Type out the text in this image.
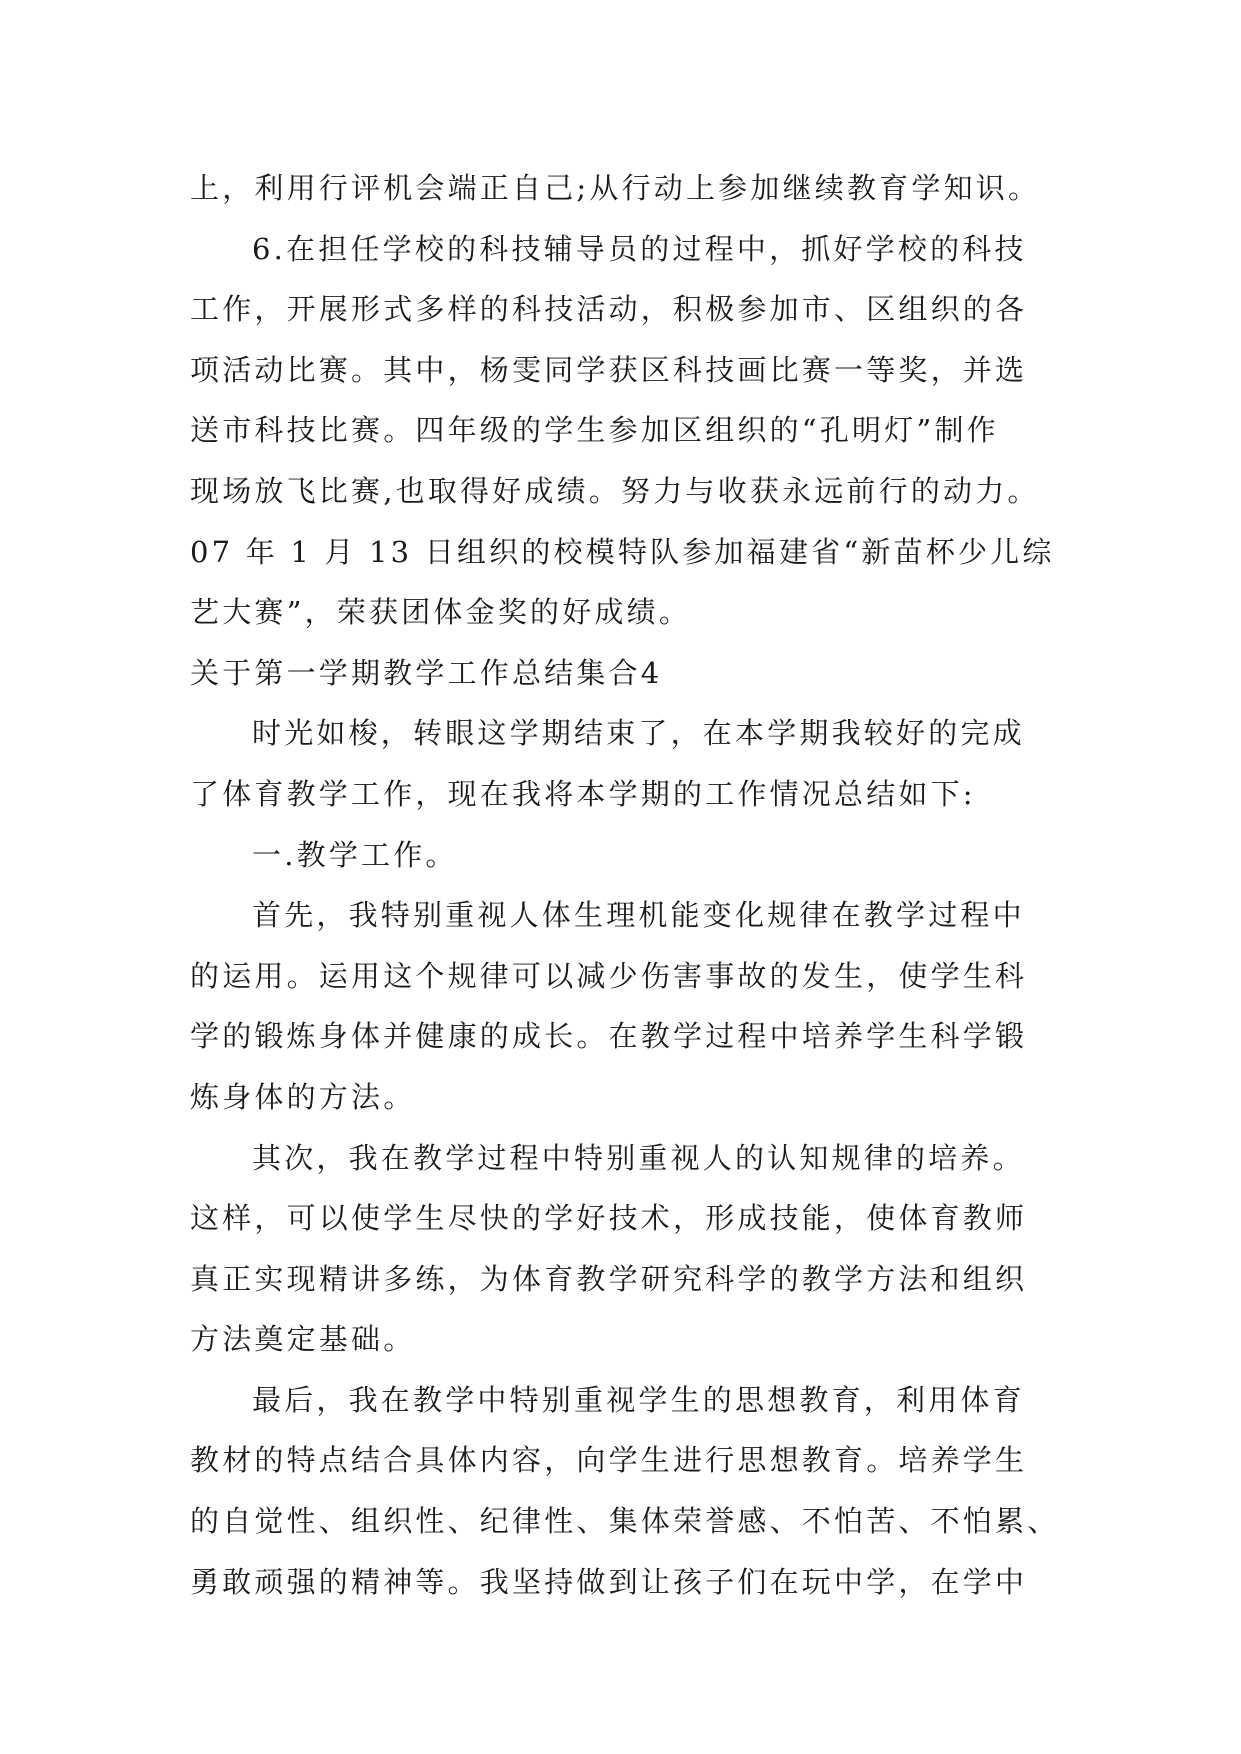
上，利用行评机会端正自己;从行动上参加继续教育学知识。
6.在担任学校的科技辅导员的过程中，抓好学校的科技
工作，开展形式多样的科技活动，积极参加市、区组织的各
项活动比赛。其中，杨雯同学获区科技画比赛一等奖，并选
送市科技比赛。四年级的学生参加区组织的“孔明灯”制作
现场放飞比赛,也取得好成绩。努力与收获永远前行的动力。
07 年 1 月 13 日组织的校模特队参加福建省“新苗杯少儿综
艺大赛”，荣获团体金奖的好成绩。
关于第一学期教学工作总结集合4
时光如梭，转眼这学期结束了，在本学期我较好的完成
了体育教学工作，现在我将本学期的工作情况总结如下:
一.教学工作。
首先，我特别重视人体生理机能变化规律在教学过程中
的运用。运用这个规律可以减少伤害事故的发生，使学生科
学的锻炼身体并健康的成长。在教学过程中培养学生科学锻
炼身体的方法。
其次，我在教学过程中特别重视人的认知规律的培养。
这样，可以使学生尽快的学好技术，形成技能，使体育教师
真正实现精讲多练，为体育教学研究科学的教学方法和组织
方法奠定基础。
最后，我在教学中特别重视学生的思想教育，利用体育
教材的特点结合具体内容，向学生进行思想教育。培养学生
的自觉性、组织性、纪律性、集体荣誉感、不怕苦、不怕累、
勇敢顽强的精神等。我坚持做到让孩子们在玩中学，在学中
